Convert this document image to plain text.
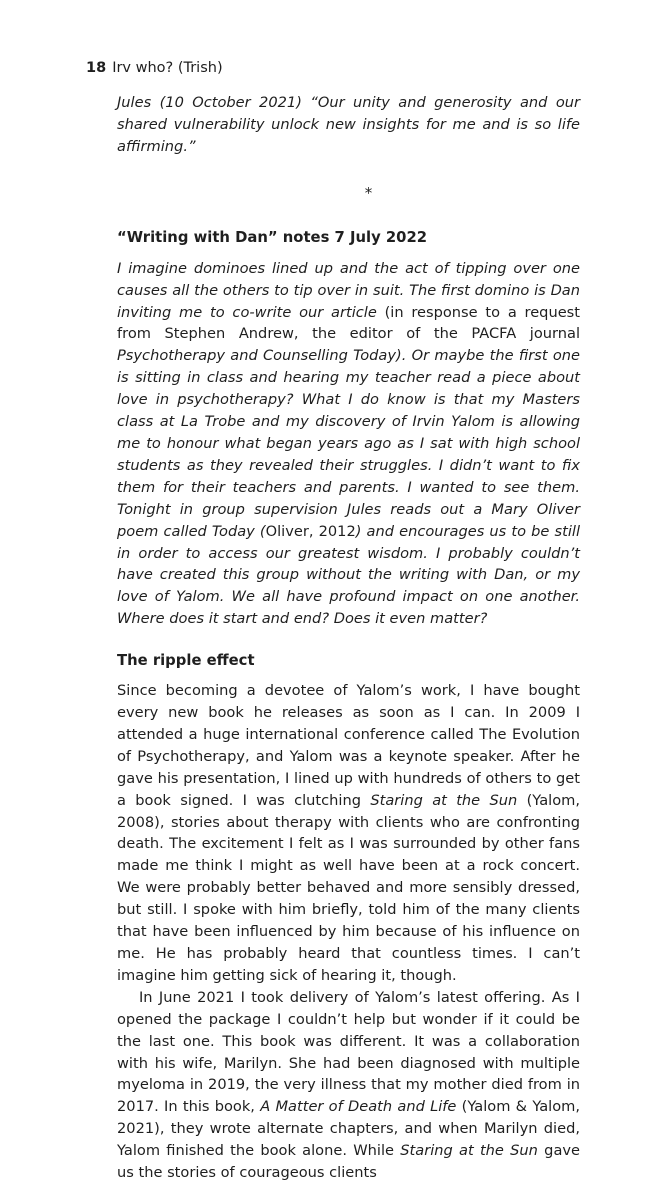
18 Irv who? (Trish)

Jules (10 October 2021) “Our unity and generosity and our shared vulnerability unlock new insights for me and is so life affirming.”

*
“Writing with Dan” notes 7 July 2022

I imagine dominoes lined up and the act of tipping over one causes all the others to tip over in suit. The first domino is Dan inviting me to co-write our article (in response to a request from Stephen Andrew, the editor of the PACFA journal Psychotherapy and Counselling Today). Or maybe the first one is sitting in class and hearing my teacher read a piece about love in psychotherapy? What I do know is that my Masters class at La Trobe and my discovery of Irvin Yalom is allowing me to honour what began years ago as I sat with high school students as they revealed their struggles. I didn’t want to fix them for their teachers and parents. I wanted to see them. Tonight in group supervision Jules reads out a Mary Oliver poem called Today (Oliver, 2012) and encourages us to be still in order to access our greatest wisdom. I probably couldn’t have created this group without the writing with Dan, or my love of Yalom. We all have profound impact on one another. Where does it start and end? Does it even matter?

The ripple effect

Since becoming a devotee of Yalom’s work, I have bought every new book he releases as soon as I can. In 2009 I attended a huge international conference called The Evolution of Psychotherapy, and Yalom was a keynote speaker. After he gave his presentation, I lined up with hundreds of others to get a book signed. I was clutching Staring at the Sun (Yalom, 2008), stories about therapy with clients who are confronting death. The excitement I felt as I was surrounded by other fans made me think I might as well have been at a rock concert. We were probably better behaved and more sensibly dressed, but still. I spoke with him briefly, told him of the many clients that have been influenced by him because of his influence on me. He has probably heard that countless times. I can’t imagine him getting sick of hearing it, though.

In June 2021 I took delivery of Yalom’s latest offering. As I opened the package I couldn’t help but wonder if it could be the last one. This book was different. It was a collaboration with his wife, Marilyn. She had been diagnosed with multiple myeloma in 2019, the very illness that my mother died from in 2017. In this book, A Matter of Death and Life (Yalom & Yalom, 2021), they wrote alternate chapters, and when Marilyn died, Yalom finished the book alone. While Staring at the Sun gave us the stories of courageous clients
